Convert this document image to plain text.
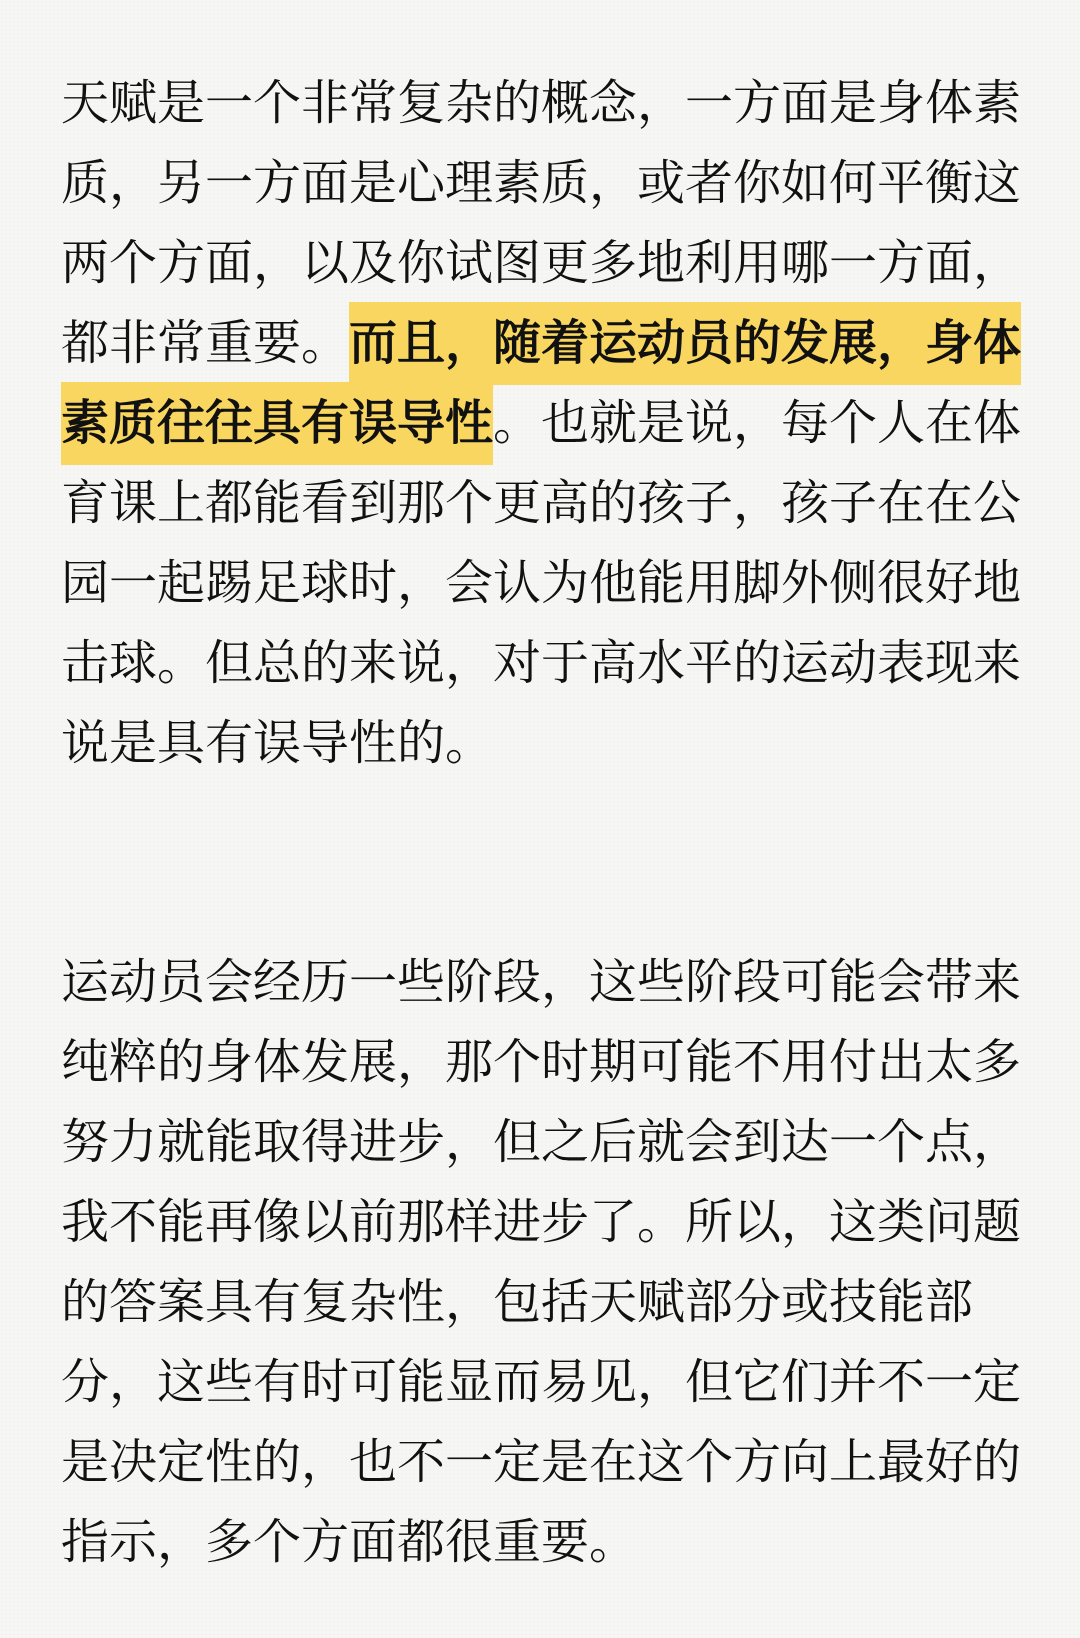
天赋是一个非常复杂的概念，一方面是身体素质，另一方面是心理素质，或者你如何平衡这两个方面，以及你试图更多地利用哪一方面，都非常重要。而且，随着运动员的发展，身体素质往往具有误导性。也就是说，每个人在体育课上都能看到那个更高的孩子，孩子在在公园一起踢足球时，会认为他能用脚外侧很好地击球。但总的来说，对于高水平的运动表现来说是具有误导性的。

运动员会经历一些阶段，这些阶段可能会带来纯粹的身体发展，那个时期可能不用付出太多努力就能取得进步，但之后就会到达一个点，我不能再像以前那样进步了。所以，这类问题的答案具有复杂性，包括天赋部分或技能部分，这些有时可能显而易见，但它们并不一定是决定性的，也不一定是在这个方向上最好的指示，多个方面都很重要。
